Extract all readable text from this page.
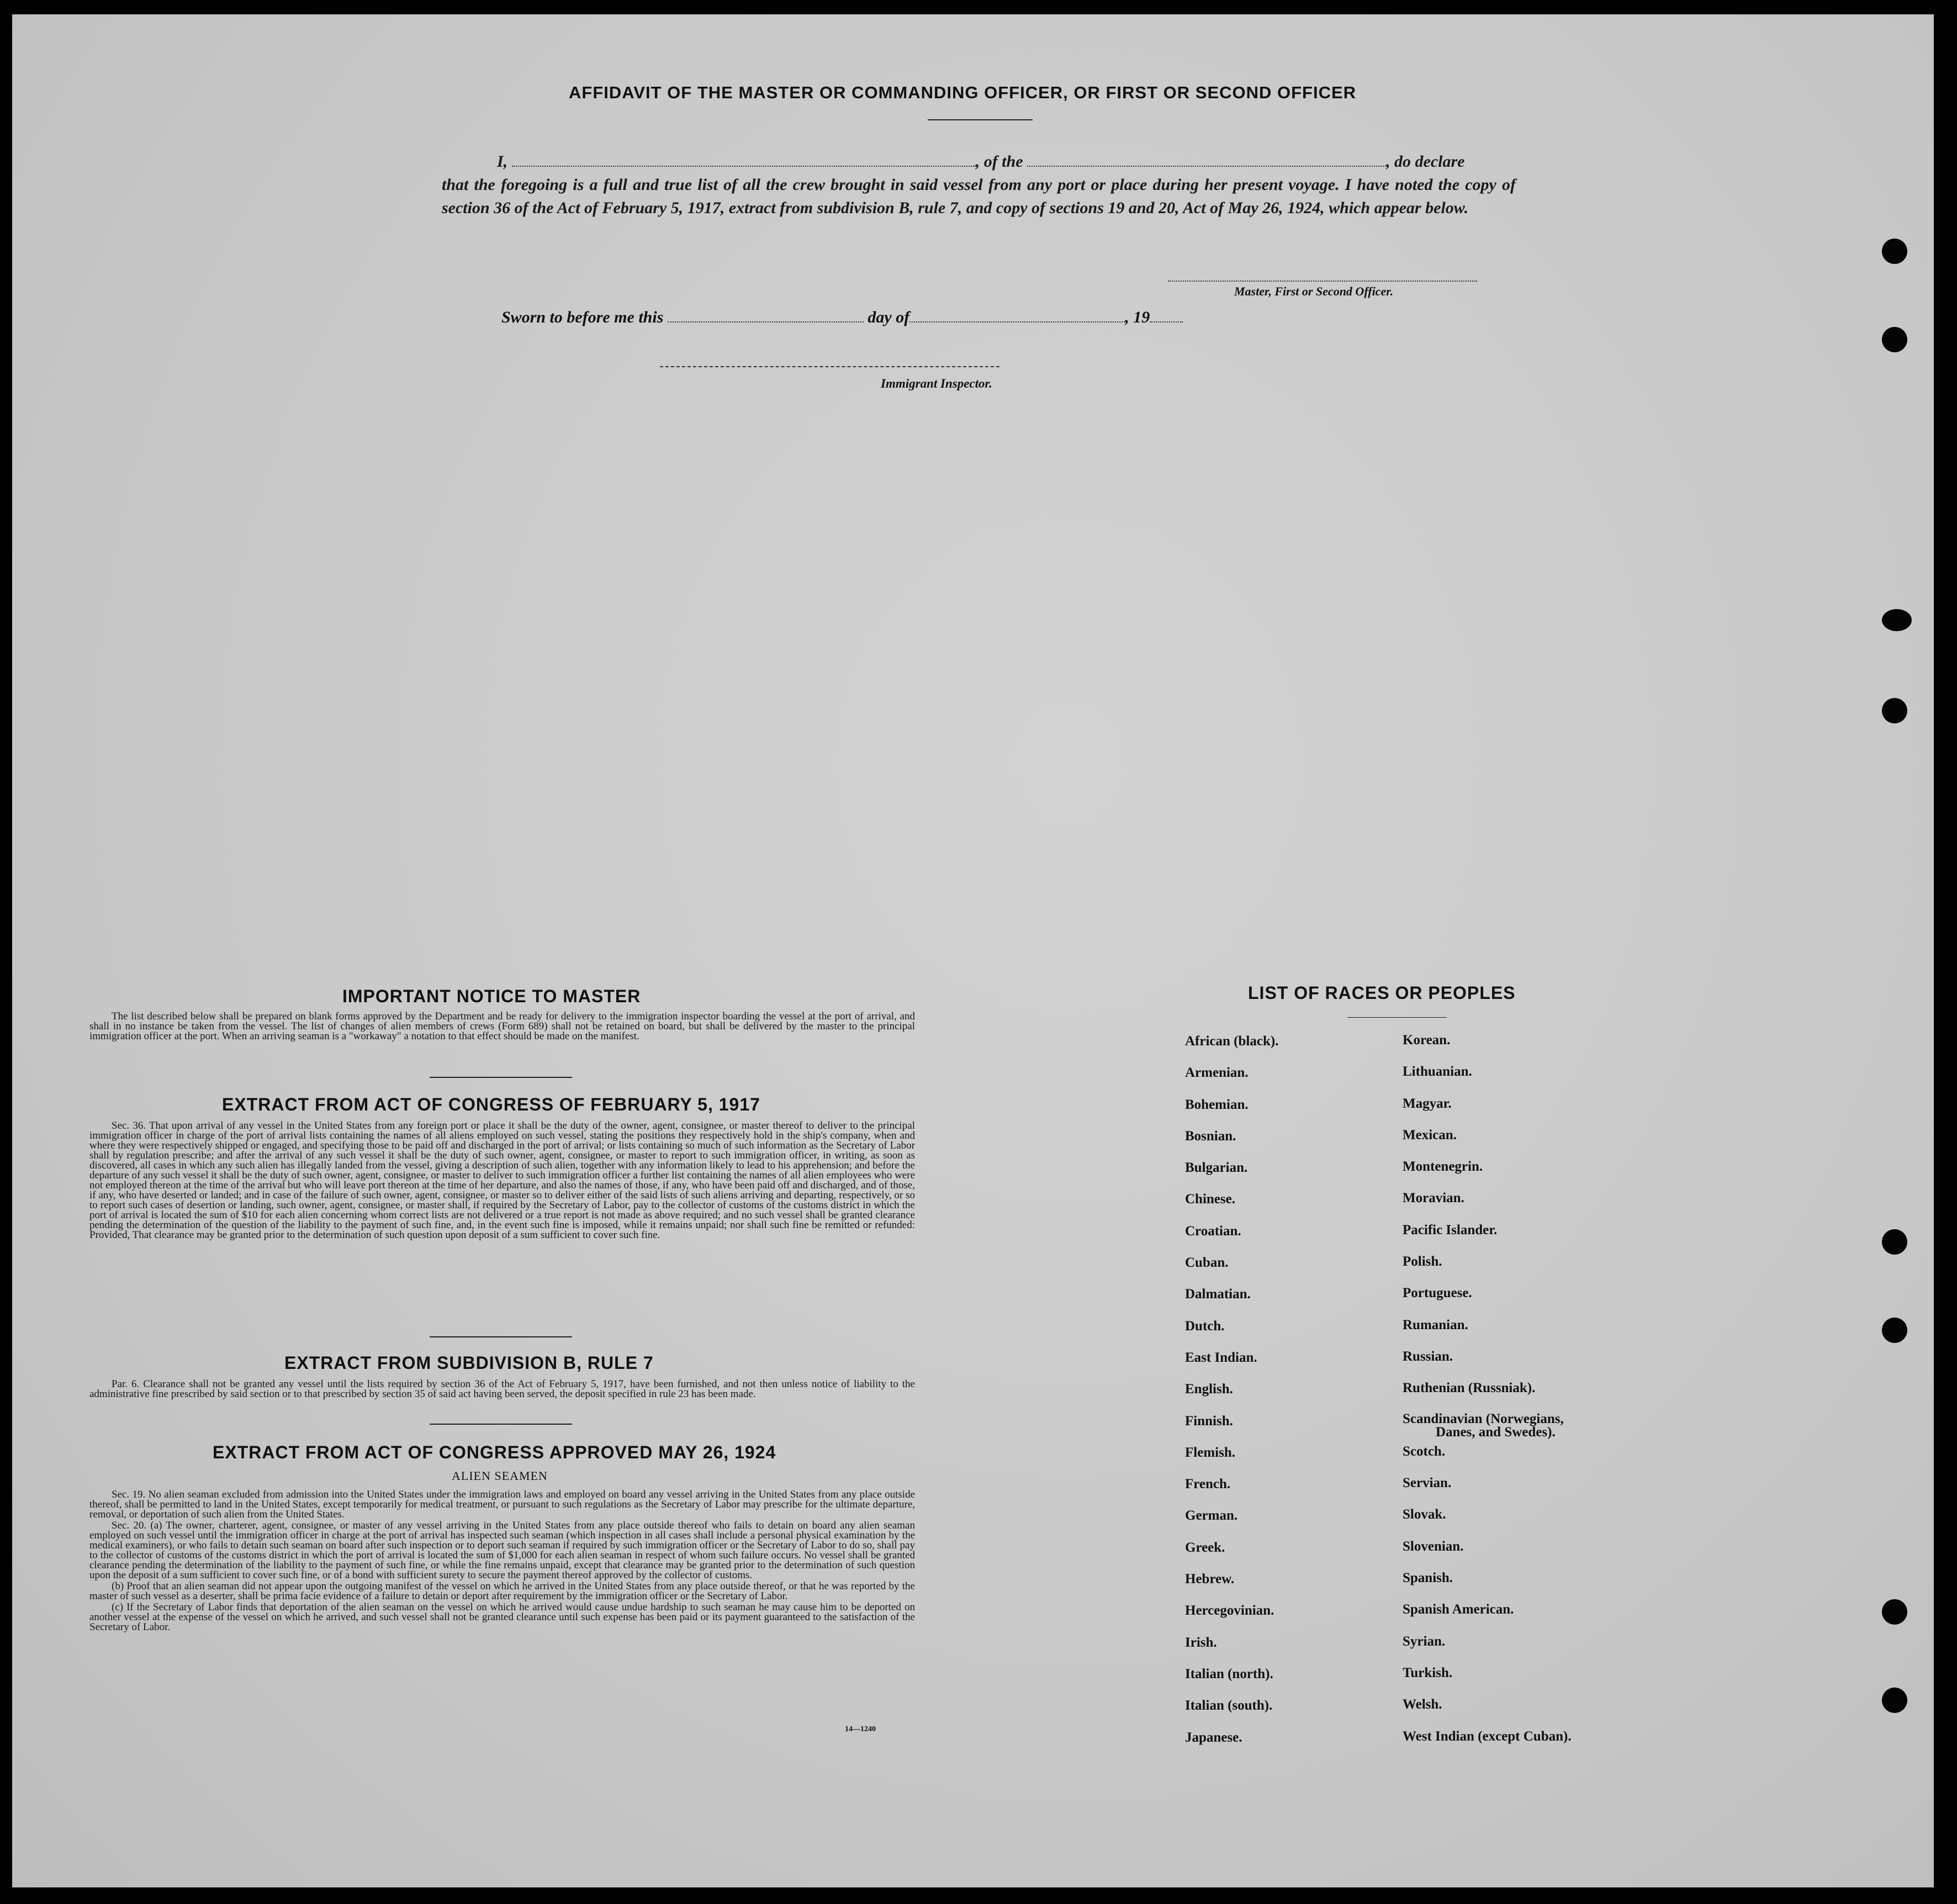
AFFIDAVIT OF THE MASTER OR COMMANDING OFFICER, OR FIRST OR SECOND OFFICER
I,	, of the	, do declare
that the foregoing is a full and true list of all the crew brought in said vessel from any port or place during her present voyage. I have noted the copy of section 36 of the Act of February 5, 1917, extract from subdivision B, rule 7, and copy of sections 19 and 20, Act of May 26, 1924, which appear below.
Master, First or Second Officer.
Sworn to before me this	day of	, 19
Immigrant Inspector.
IMPORTANT NOTICE TO MASTER

The list described below shall be prepared on blank forms approved by the Department and be ready for delivery to the immigration inspector boarding the vessel at the port of arrival, and shall in no instance be taken from the vessel. The list of changes of alien members of crews (Form 689) shall not be retained on board, but shall be delivered by the master to the principal immigration officer at the port. When an arriving seaman is a "workaway" a notation to that effect should be made on the manifest.

EXTRACT FROM ACT OF CONGRESS OF FEBRUARY 5, 1917

Sec. 36. That upon arrival of any vessel in the United States from any foreign port or place it shall be the duty of the owner, agent, consignee, or master thereof to deliver to the principal immigration officer in charge of the port of arrival lists containing the names of all aliens employed on such vessel, stating the positions they respectively hold in the ship's company, when and where they were respectively shipped or engaged, and specifying those to be paid off and discharged in the port of arrival; or lists containing so much of such information as the Secretary of Labor shall by regulation prescribe; and after the arrival of any such vessel it shall be the duty of such owner, agent, consignee, or master to report to such immigration officer, in writing, as soon as discovered, all cases in which any such alien has illegally landed from the vessel, giving a description of such alien, together with any information likely to lead to his apprehension; and before the departure of any such vessel it shall be the duty of such owner, agent, consignee, or master to deliver to such immigration officer a further list containing the names of all alien employees who were not employed thereon at the time of the arrival but who will leave port thereon at the time of her departure, and also the names of those, if any, who have been paid off and discharged, and of those, if any, who have deserted or landed; and in case of the failure of such owner, agent, consignee, or master so to deliver either of the said lists of such aliens arriving and departing, respectively, or so to report such cases of desertion or landing, such owner, agent, consignee, or master shall, if required by the Secretary of Labor, pay to the collector of customs of the customs district in which the port of arrival is located the sum of $10 for each alien concerning whom correct lists are not delivered or a true report is not made as above required; and no such vessel shall be granted clearance pending the determination of the question of the liability to the payment of such fine, and, in the event such fine is imposed, while it remains unpaid; nor shall such fine be remitted or refunded: Provided, That clearance may be granted prior to the determination of such question upon deposit of a sum sufficient to cover such fine.

EXTRACT FROM SUBDIVISION B, RULE 7

Par. 6. Clearance shall not be granted any vessel until the lists required by section 36 of the Act of February 5, 1917, have been furnished, and not then unless notice of liability to the administrative fine prescribed by said section or to that prescribed by section 35 of said act having been served, the deposit specified in rule 23 has been made.

EXTRACT FROM ACT OF CONGRESS APPROVED MAY 26, 1924
ALIEN SEAMEN

Sec. 19. No alien seaman excluded from admission into the United States under the immigration laws and employed on board any vessel arriving in the United States from any place outside thereof, shall be permitted to land in the United States, except temporarily for medical treatment, or pursuant to such regulations as the Secretary of Labor may prescribe for the ultimate departure, removal, or deportation of such alien from the United States.

Sec. 20. (a) The owner, charterer, agent, consignee, or master of any vessel arriving in the United States from any place outside thereof who fails to detain on board any alien seaman employed on such vessel until the immigration officer in charge at the port of arrival has inspected such seaman (which inspection in all cases shall include a personal physical examination by the medical examiners), or who fails to detain such seaman on board after such inspection or to deport such seaman if required by such immigration officer or the Secretary of Labor to do so, shall pay to the collector of customs of the customs district in which the port of arrival is located the sum of $1,000 for each alien seaman in respect of whom such failure occurs. No vessel shall be granted clearance pending the determination of the liability to the payment of such fine, or while the fine remains unpaid, except that clearance may be granted prior to the determination of such question upon the deposit of a sum sufficient to cover such fine, or of a bond with sufficient surety to secure the payment thereof approved by the collector of customs.

(b) Proof that an alien seaman did not appear upon the outgoing manifest of the vessel on which he arrived in the United States from any place outside thereof, or that he was reported by the master of such vessel as a deserter, shall be prima facie evidence of a failure to detain or deport after requirement by the immigration officer or the Secretary of Labor.

(c) If the Secretary of Labor finds that deportation of the alien seaman on the vessel on which he arrived would cause undue hardship to such seaman he may cause him to be deported on another vessel at the expense of the vessel on which he arrived, and such vessel shall not be granted clearance until such expense has been paid or its payment guaranteed to the satisfaction of the Secretary of Labor.

14—1240
LIST OF RACES OR PEOPLES
African (black).
Armenian.
Bohemian.
Bosnian.
Bulgarian.
Chinese.
Croatian.
Cuban.
Dalmatian.
Dutch.
East Indian.
English.
Finnish.
Flemish.
French.
German.
Greek.
Hebrew.
Hercegovinian.
Irish.
Italian (north).
Italian (south).
Japanese.
Korean.
Lithuanian.
Magyar.
Mexican.
Montenegrin.
Moravian.
Pacific Islander.
Polish.
Portuguese.
Rumanian.
Russian.
Ruthenian (Russniak).
Scandinavian (Norwegians,
Danes, and Swedes).
Scotch.
Servian.
Slovak.
Slovenian.
Spanish.
Spanish American.
Syrian.
Turkish.
Welsh.
West Indian (except Cuban).
